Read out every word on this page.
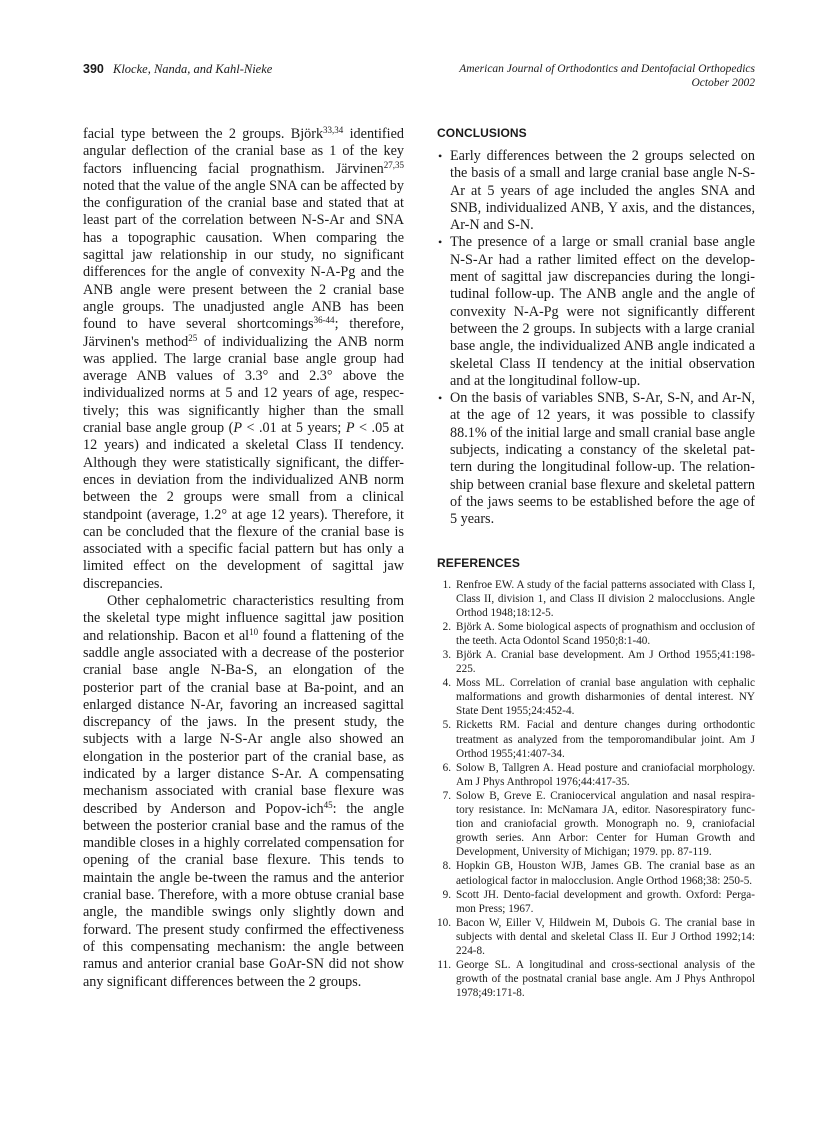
390 Klocke, Nanda, and Kahl-Nieke	American Journal of Orthodontics and Dentofacial Orthopedics
October 2002

facial type between the 2 groups. Björk$^{33,34}$ identified angular deflection of the cranial base as 1 of the key factors influencing facial prognathism. Järvinen$^{27,35}$ noted that the value of the angle SNA can be affected by the configuration of the cranial base and stated that at least part of the correlation between N-S-Ar and SNA has a topographic causation. When comparing the sagittal jaw relationship in our study, no significant differences for the angle of convexity N-A-Pg and the ANB angle were present between the 2 cranial base angle groups. The unadjusted angle ANB has been found to have several shortcomings$^{36-44}$; therefore, Järvinen's method$^{25}$ of individualizing the ANB norm was applied. The large cranial base angle group had average ANB values of 3.3° and 2.3° above the individualized norms at 5 and 12 years of age, respec-tively; this was significantly higher than the small cranial base angle group (P < .01 at 5 years; P < .05 at 12 years) and indicated a skeletal Class II tendency. Although they were statistically significant, the differ-ences in deviation from the individualized ANB norm between the 2 groups were small from a clinical standpoint (average, 1.2° at age 12 years). Therefore, it can be concluded that the flexure of the cranial base is associated with a specific facial pattern but has only a limited effect on the development of sagittal jaw discrepancies.

Other cephalometric characteristics resulting from the skeletal type might influence sagittal jaw position and relationship. Bacon et $al^{10}$ found a flattening of the saddle angle associated with a decrease of the posterior cranial base angle N-Ba-S, an elongation of the posterior part of the cranial base at Ba-point, and an enlarged distance N-Ar, favoring an increased sagittal discrepancy of the jaws. In the present study, the subjects with a large N-S-Ar angle also showed an elongation in the posterior part of the cranial base, as indicated by a larger distance S-Ar. A compensating mechanism associated with cranial base flexure was described by Anderson and Popov-ich$^{45}$: the angle between the posterior cranial base and the ramus of the mandible closes in a highly correlated compensation for opening of the cranial base flexure. This tends to maintain the angle be-tween the ramus and the anterior cranial base. Therefore, with a more obtuse cranial base angle, the mandible swings only slightly down and forward. The present study confirmed the effectiveness of this compensating mechanism: the angle between ramus and anterior cranial base GoAr-SN did not show any significant differences between the 2 groups.

CONCLUSIONS
• Early differences between the 2 groups selected on the basis of a small and large cranial base angle N-S-Ar at 5 years of age included the angles SNA and SNB, individualized ANB, Y axis, and the distances, Ar-N and S-N.
• The presence of a large or small cranial base angle N-S-Ar had a rather limited effect on the develop-ment of sagittal jaw discrepancies during the longi-tudinal follow-up. The ANB angle and the angle of convexity N-A-Pg were not significantly different between the 2 groups. In subjects with a large cranial base angle, the individualized ANB angle indicated a skeletal Class II tendency at the initial observation and at the longitudinal follow-up.
• On the basis of variables SNB, S-Ar, S-N, and Ar-N, at the age of 12 years, it was possible to classify 88.1% of the initial large and small cranial base angle subjects, indicating a constancy of the skeletal pat-tern during the longitudinal follow-up. The relation-ship between cranial base flexure and skeletal pattern of the jaws seems to be established before the age of 5 years.
REFERENCES
1. Renfroe EW. A study of the facial patterns associated with Class I, Class II, division 1, and Class II division 2 malocclusions. Angle Orthod 1948;18:12-5.
2. Björk A. Some biological aspects of prognathism and occlusion of the teeth. Acta Odontol Scand 1950;8:1-40.
3. Björk A. Cranial base development. Am J Orthod 1955;41:198-225.
4. Moss ML. Correlation of cranial base angulation with cephalic malformations and growth disharmonies of dental interest. NY State Dent 1955;24:452-4.
5. Ricketts RM. Facial and denture changes during orthodontic treatment as analyzed from the temporomandibular joint. Am J Orthod 1955;41:407-34.
6. Solow B, Tallgren A. Head posture and craniofacial morphology. Am J Phys Anthropol 1976;44:417-35.
7. Solow B, Greve E. Craniocervical angulation and nasal respira-tory resistance. In: McNamara JA, editor. Nasorespiratory func-tion and craniofacial growth. Monograph no. 9, craniofacial growth series. Ann Arbor: Center for Human Growth and Development, University of Michigan; 1979. pp. 87-119.
8. Hopkin GB, Houston WJB, James GB. The cranial base as an aetiological factor in malocclusion. Angle Orthod 1968;38: 250-5.
9. Scott JH. Dento-facial development and growth. Oxford: Perga-mon Press; 1967.
10. Bacon W, Eiller V, Hildwein M, Dubois G. The cranial base in subjects with dental and skeletal Class II. Eur J Orthod 1992;14: 224-8.
11. George SL. A longitudinal and cross-sectional analysis of the growth of the postnatal cranial base angle. Am J Phys Anthropol 1978;49:171-8.
